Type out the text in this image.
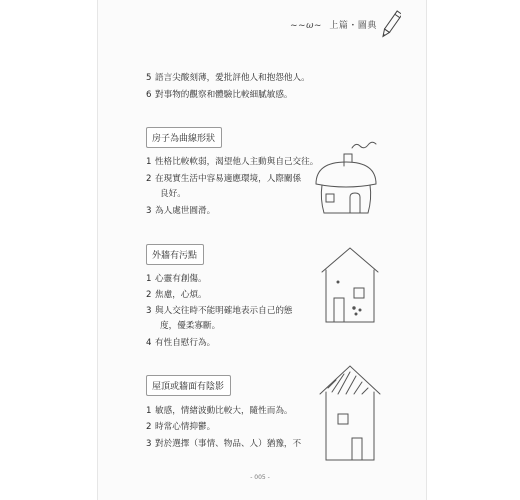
~~ω~ 上篇・圖典
5 語言尖酸刻薄，愛批評他人和抱怨他人。
6 對事物的觀察和體驗比較細膩敏感。
房子為曲線形狀
1 性格比較軟弱，渴望他人主動與自己交往。
2 在現實生活中容易適應環境，人際關係
良好。
3 為人處世圓滑。
外牆有污點
1 心靈有創傷。
2 焦慮，心煩。
3 與人交往時不能明確地表示自己的態
度，優柔寡斷。
4 有性自慰行為。
屋頂或牆面有陰影
1 敏感，情緒波動比較大，隨性而為。
2 時常心情抑鬱。
3 對於選擇（事情、物品、人）猶豫，不
- 005 -
